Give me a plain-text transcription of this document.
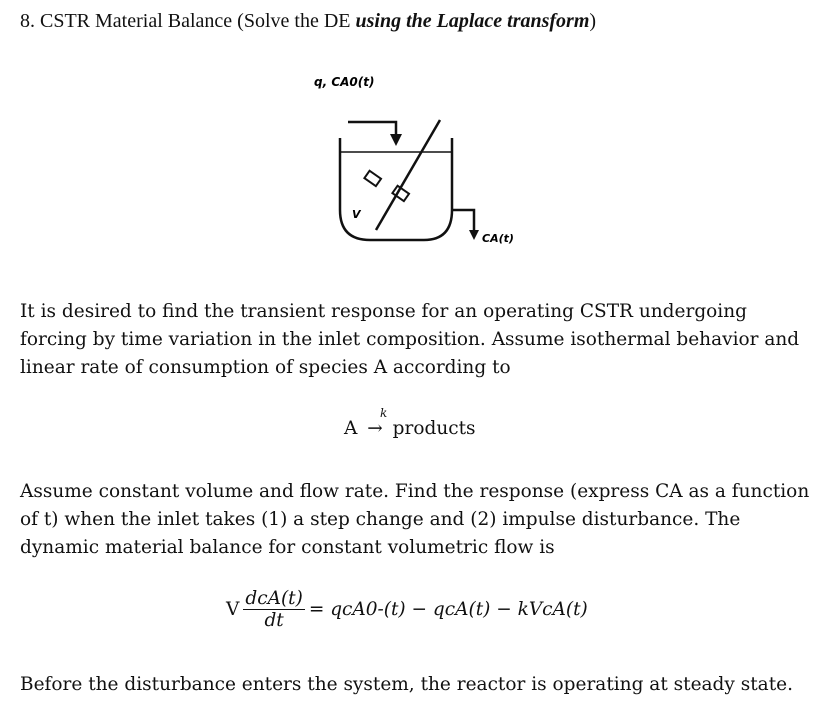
8. CSTR Material Balance (Solve the DE using the Laplace transform)
q, CA0(t)
V
CA(t)
It is desired to find the transient response for an operating CSTR undergoing forcing by time variation in the inlet composition. Assume isothermal behavior and linear rate of consumption of species A according to
A
k
→ products
Assume constant volume and flow rate. Find the response (express CA as a function of t) when the inlet takes (1) a step change and (2) impulse disturbance. The dynamic material balance for constant volumetric flow is
V $\frac{\text{dcA(t)}}{dt} = qcA0-(t) - qcA(t)$ − kVcA(t)
Before the disturbance enters the system, the reactor is operating at steady state.
